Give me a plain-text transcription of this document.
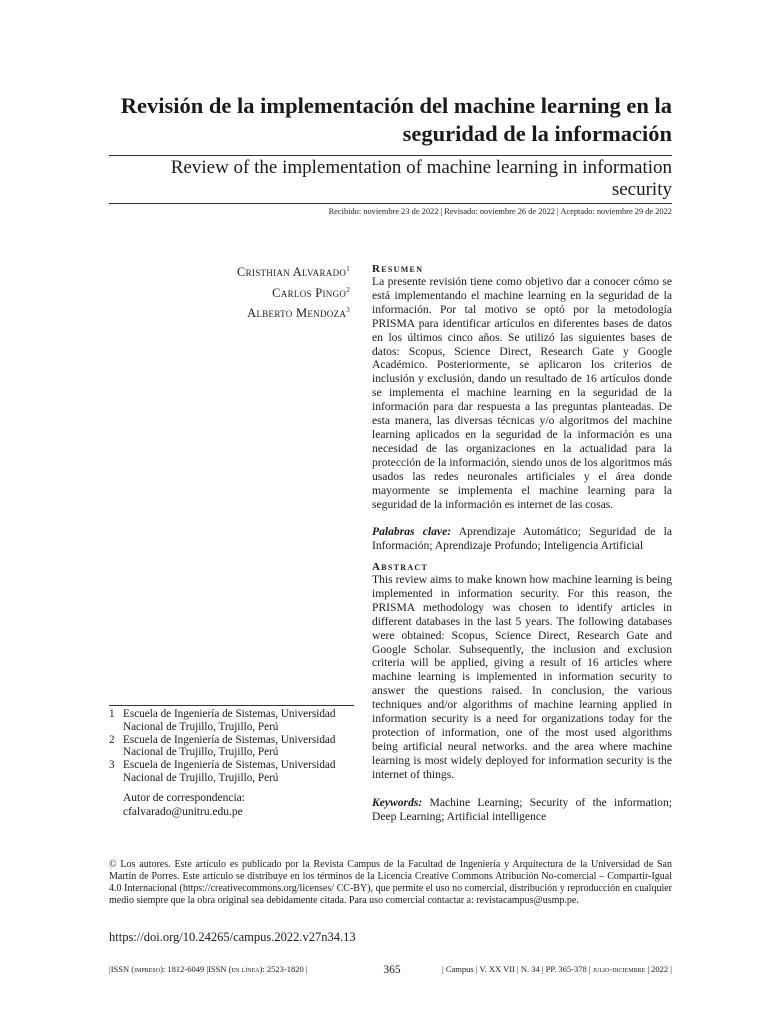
Revisión de la implementación del machine learning en la seguridad de la información
Review of the implementation of machine learning in information security
Recibido: noviembre 23 de 2022 | Revisado: noviembre 26 de 2022 | Aceptado: noviembre 29 de 2022
Cristhian Alvarado$^1$
Carlos Pingo$^2$
Alberto Mendoza$^3$
Resumen
La presente revisión tiene como objetivo dar a conocer cómo se está implementando el machine learning en la seguridad de la información. Por tal motivo se optó por la metodología PRISMA para identificar artículos en diferentes bases de datos en los últimos cinco años. Se utilizó las siguientes bases de datos: Scopus, Science Direct, Research Gate y Google Académico. Posteriormente, se aplicaron los criterios de inclusión y exclusión, dando un resultado de 16 artículos donde se implementa el machine learning en la seguridad de la información para dar respuesta a las preguntas planteadas. De esta manera, las diversas técnicas y/o algoritmos del machine learning aplicados en la seguridad de la información es una necesidad de las organizaciones en la actualidad para la protección de la información, siendo unos de los algoritmos más usados las redes neuronales artificiales y el área donde mayormente se implementa el machine learning para la seguridad de la información es internet de las cosas.
Palabras clave: Aprendizaje Automático; Seguridad de la Información; Aprendizaje Profundo; Inteligencia Artificial
Abstract
This review aims to make known how machine learning is being implemented in information security. For this reason, the PRISMA methodology was chosen to identify articles in different databases in the last 5 years. The following databases were obtained: Scopus, Science Direct, Research Gate and Google Scholar. Subsequently, the inclusion and exclusion criteria will be applied, giving a result of 16 articles where machine learning is implemented in information security to answer the questions raised. In conclusion, the various techniques and/or algorithms of machine learning applied in information security is a need for organizations today for the protection of information, one of the most used algorithms being artificial neural networks. and the area where machine learning is most widely deployed for information security is the internet of things.
Keywords: Machine Learning; Security of the information; Deep Learning; Artificial intelligence
1 Escuela de Ingeniería de Sistemas, Universidad Nacional de Trujillo, Trujillo, Perú
2 Escuela de Ingeniería de Sistemas, Universidad Nacional de Trujillo, Trujillo, Perú
3 Escuela de Ingeniería de Sistemas, Universidad Nacional de Trujillo, Trujillo, Perú
Autor de correspondencia:
cfalvarado@unitru.edu.pe
© Los autores. Este artículo es publicado por la Revista Campus de la Facultad de Ingeniería y Arquitectura de la Universidad de San Martín de Porres. Este artículo se distribuye en los términos de la Licencia Creative Commons Atribución No-comercial – Compartir-Igual 4.0 Internacional (https://creativecommons.org/licenses/ CC-BY), que permite el uso no comercial, distribución y reproducción en cualquier medio siempre que la obra original sea debidamente citada. Para uso comercial contactar a: revistacampus@usmp.pe.
https://doi.org/10.24265/campus.2022.v27n34.13
|ISSN (impreso): 1812-6049 |ISSN (en línea): 2523-1820 |	365	| Campus | V. XX VII | N. 34 | PP. 365-378 | julio-diciembre | 2022 |
